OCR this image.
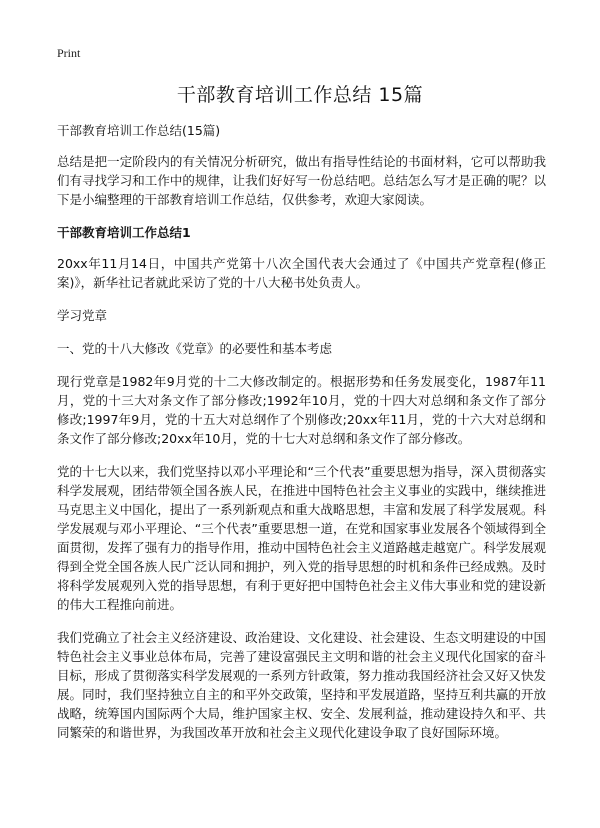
Print
干部教育培训工作总结 15篇

干部教育培训工作总结(15篇)

总结是把一定阶段内的有关情况分析研究，做出有指导性结论的书面材料，它可以帮助我们有寻找学习和工作中的规律，让我们好好写一份总结吧。总结怎么写才是正确的呢？以下是小编整理的干部教育培训工作总结，仅供参考，欢迎大家阅读。

干部教育培训工作总结1

20xx年11月14日，中国共产党第十八次全国代表大会通过了《中国共产党章程(修正案)》，新华社记者就此采访了党的十八大秘书处负责人。

学习党章

一、党的十八大修改《党章》的必要性和基本考虑

现行党章是1982年9月党的十二大修改制定的。根据形势和任务发展变化，1987年11月，党的十三大对条文作了部分修改;1992年10月，党的十四大对总纲和条文作了部分修改;1997年9月，党的十五大对总纲作了个别修改;20xx年11月，党的十六大对总纲和条文作了部分修改;20xx年10月，党的十七大对总纲和条文作了部分修改。

党的十七大以来，我们党坚持以邓小平理论和“三个代表”重要思想为指导，深入贯彻落实科学发展观，团结带领全国各族人民，在推进中国特色社会主义事业的实践中，继续推进马克思主义中国化，提出了一系列新观点和重大战略思想，丰富和发展了科学发展观。科学发展观与邓小平理论、“三个代表”重要思想一道，在党和国家事业发展各个领域得到全面贯彻，发挥了强有力的指导作用，推动中国特色社会主义道路越走越宽广。科学发展观得到全党全国各族人民广泛认同和拥护，列入党的指导思想的时机和条件已经成熟。及时将科学发展观列入党的指导思想，有利于更好把中国特色社会主义伟大事业和党的建设新的伟大工程推向前进。

我们党确立了社会主义经济建设、政治建设、文化建设、社会建设、生态文明建设的中国特色社会主义事业总体布局，完善了建设富强民主文明和谐的社会主义现代化国家的奋斗目标，形成了贯彻落实科学发展观的一系列方针政策，努力推动我国经济社会又好又快发展。同时，我们坚持独立自主的和平外交政策，坚持和平发展道路，坚持互利共赢的开放战略，统筹国内国际两个大局，维护国家主权、安全、发展利益，推动建设持久和平、共同繁荣的和谐世界，为我国改革开放和社会主义现代化建设争取了良好国际环境。
